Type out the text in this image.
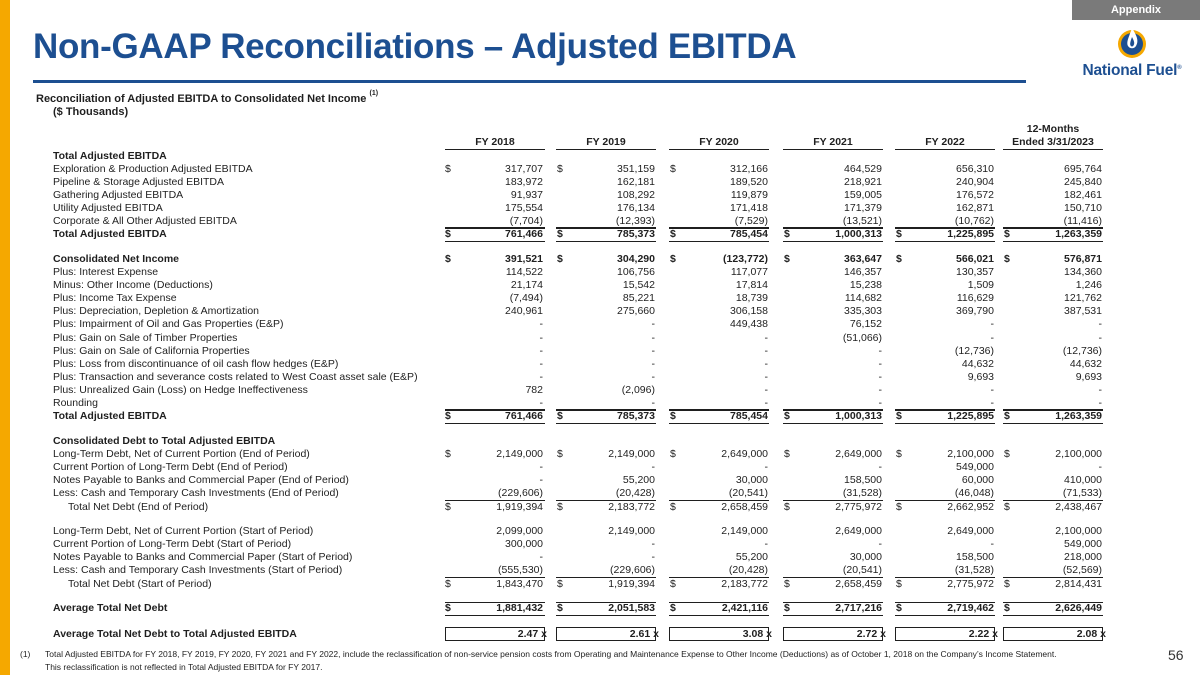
Appendix
Non-GAAP Reconciliations – Adjusted EBITDA
National Fuel®
Reconciliation of Adjusted EBITDA to Consolidated Net Income $^{(1)}$
($ Thousands)
FY 2018	FY 2019	FY 2020	FY 2021	FY 2022
12-Months
Ended 3/31/2023
Total Adjusted EBITDA
Exploration & Production Adjusted EBITDA	$	317,707 $	351,159 $	312,166	464,529	656,310	695,764
Pipeline & Storage Adjusted EBITDA	183,972	162,181	189,520	218,921	240,904	245,840
Gathering Adjusted EBITDA	91,937	108,292	119,879	159,005	176,572	182,461
Utility Adjusted EBITDA	175,554	176,134	171,418	171,379	162,871	150,710
Corporate & All Other Adjusted EBITDA	(7,704)	(12,393)	(7,529)	(13,521)	(10,762)	(11,416)
Total Adjusted EBITDA	$	761,466 $	785,373 $	785,454 $	1,000,313 $	1,225,895 $	1,263,359
Consolidated Net Income	$	391,521 $	304,290 $	(123,772) $	363,647 $	566,021 $	576,871
Plus: Interest Expense	114,522	106,756	117,077	146,357	130,357	134,360
Minus: Other Income (Deductions)	21,174	15,542	17,814	15,238	1,509	1,246
Plus: Income Tax Expense	(7,494)	85,221	18,739	114,682	116,629	121,762
Plus: Depreciation, Depletion & Amortization	240,961	275,660	306,158	335,303	369,790	387,531
Plus: Impairment of Oil and Gas Properties (E&P)	-	-	449,438	76,152	-	-
Plus: Gain on Sale of Timber Properties	-	-	-	(51,066)	-	-
Plus: Gain on Sale of California Properties	-	-	-	-	(12,736)	(12,736)
Plus: Loss from discontinuance of oil cash flow hedges (E&P)	-	-	-	-	44,632	44,632
Plus: Transaction and severance costs related to West Coast asset sale (E&P)	-	-	-	-	9,693	9,693
Plus: Unrealized Gain (Loss) on Hedge Ineffectiveness	782	(2,096)	-	-	-	-
Rounding	-	-	-	-	-	-
Total Adjusted EBITDA	$	761,466 $	785,373 $	785,454 $	1,000,313 $	1,225,895 $	1,263,359
Consolidated Debt to Total Adjusted EBITDA
Long-Term Debt, Net of Current Portion (End of Period)	$	2,149,000 $	2,149,000 $	2,649,000 $	2,649,000 $	2,100,000 $	2,100,000
Current Portion of Long-Term Debt (End of Period)	-	-	-	-	549,000	-
Notes Payable to Banks and Commercial Paper (End of Period)	-	55,200	30,000	158,500	60,000	410,000
Less: Cash and Temporary Cash Investments (End of Period)	(229,606)	(20,428)	(20,541)	(31,528)	(46,048)	(71,533)
Total Net Debt (End of Period)	$	1,919,394 $	2,183,772 $	2,658,459 $	2,775,972 $	2,662,952 $	2,438,467
Long-Term Debt, Net of Current Portion (Start of Period)	2,099,000	2,149,000	2,149,000	2,649,000	2,649,000	2,100,000
Current Portion of Long-Term Debt (Start of Period)	300,000	-	-	-	-	549,000
Notes Payable to Banks and Commercial Paper (Start of Period)	-	-	55,200	30,000	158,500	218,000
Less: Cash and Temporary Cash Investments (Start of Period)	(555,530)	(229,606)	(20,428)	(20,541)	(31,528)	(52,569)
Total Net Debt (Start of Period)	$	1,843,470 $	1,919,394 $	2,183,772 $	2,658,459 $	2,775,972 $	2,814,431
Average Total Net Debt	$	1,881,432 $	2,051,583 $	2,421,116 $	2,717,216 $	2,719,462 $	2,626,449
Average Total Net Debt to Total Adjusted EBITDA	2.47 x	2.61 x	3.08 x	2.72 x	2.22 x	2.08 x
(1) Total Adjusted EBITDA for FY 2018, FY 2019, FY 2020, FY 2021 and FY 2022, include the reclassification of non-service pension costs from Operating and Maintenance Expense to Other Income (Deductions) as of October 1, 2018 on the Company’s Income Statement.
This reclassification is not reflected in Total Adjusted EBITDA for FY 2017.
56
